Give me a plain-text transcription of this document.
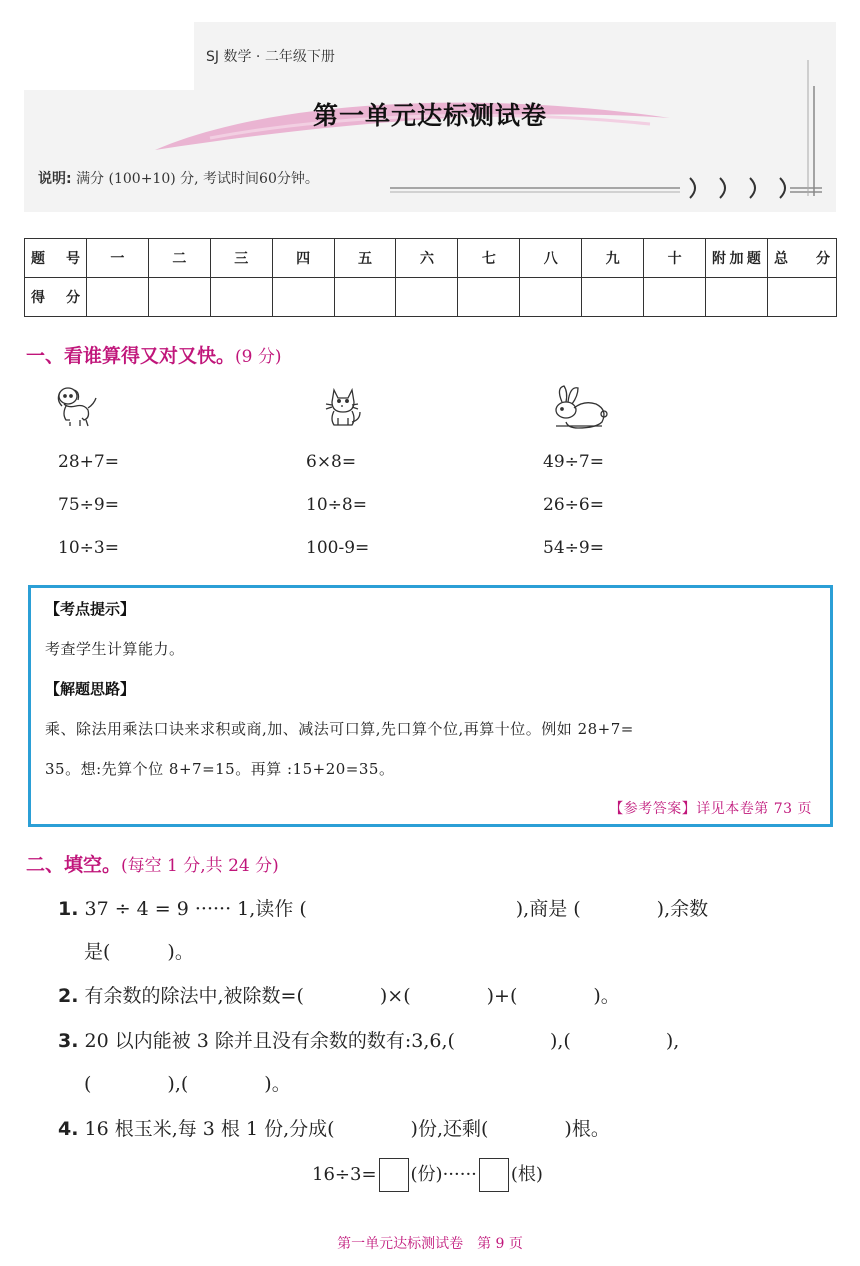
SJ 数学 · 二年级下册
第一单元达标测试卷
说明: 满分 (100+10) 分, 考试时间60分钟。
题　号	一	二	三	四	五	六	七	八	九	十	附加题	总　分
得　分												
一、看谁算得又对又快。(9 分)
28+7=	6×8=	49÷7=
75÷9=	10÷8=	26÷6=
10÷3=	100-9=	54÷9=
【考点提示】
考查学生计算能力。
【解题思路】
乘、除法用乘法口诀来求积或商,加、减法可口算,先口算个位,再算十位。例如 28+7=
35。想:先算个位 8+7=15。再算 :15+20=35。
【参考答案】详见本卷第 73 页
二、填空。(每空 1 分,共 24 分)
1. 37 ÷ 4 = 9 ······ 1,读作 (　　　　　　　　　　　),商是 (　　　　),余数
是(　　　)。
2. 有余数的除法中,被除数=(　　　　)×(　　　　)+(　　　　)。
3. 20 以内能被 3 除并且没有余数的数有:3,6,(　　　　　),(　　　　　),
(　　　　),(　　　　)。
4. 16 根玉米,每 3 根 1 份,分成(　　　　)份,还剩(　　　　)根。
16÷3= (份)······ (根)
第一单元达标测试卷　第 9 页
